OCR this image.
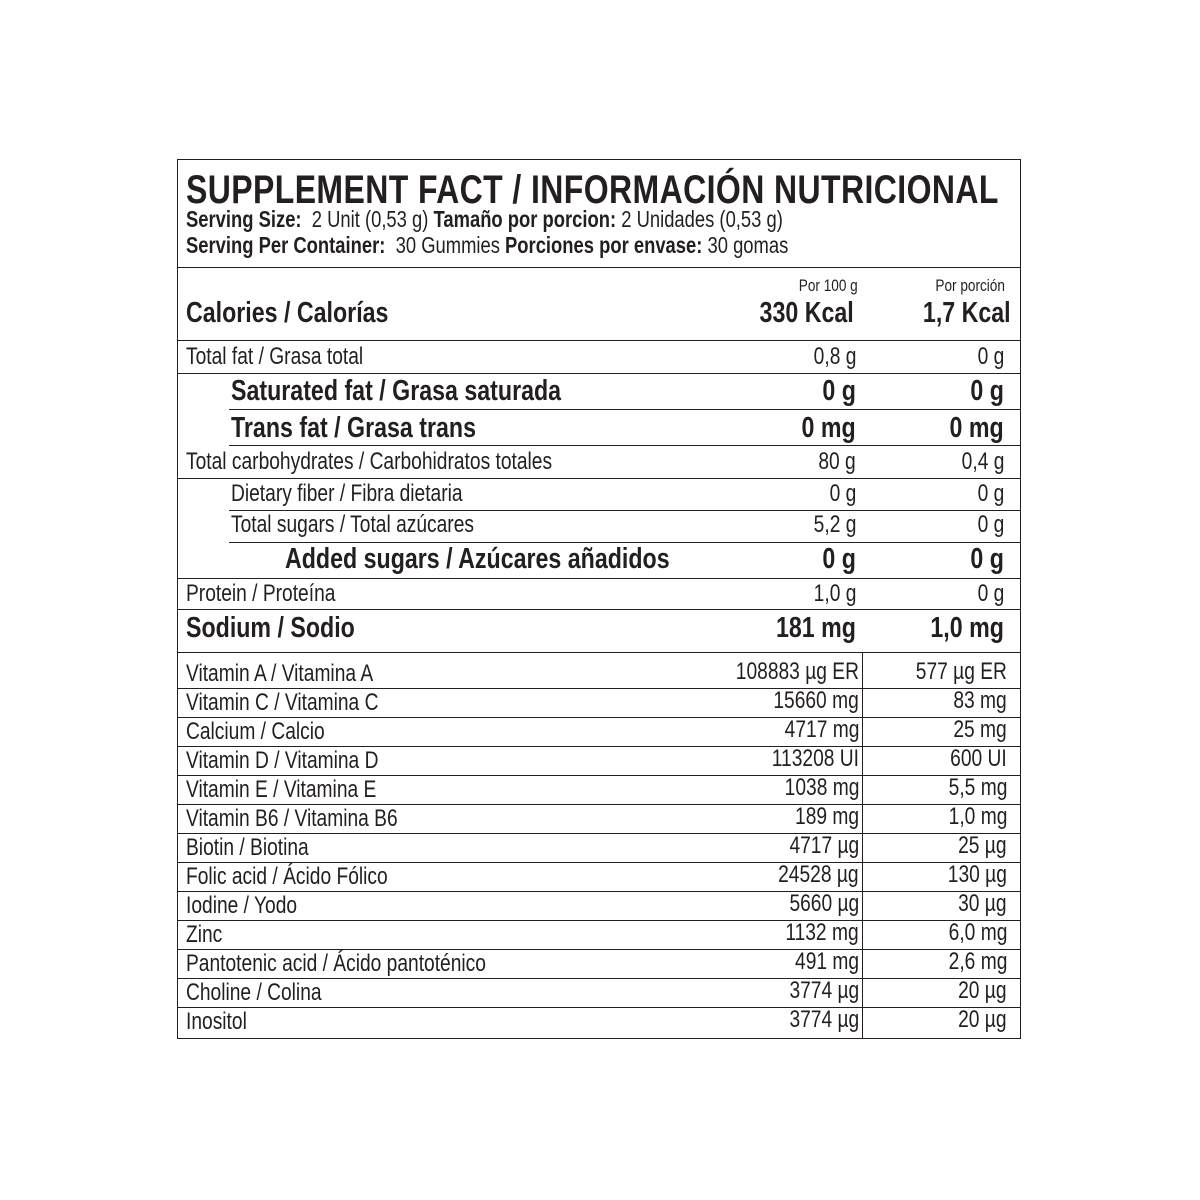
SUPPLEMENT FACT / INFORMACIÓN NUTRICIONAL
Serving Size: 2 Unit (0,53 g) Tamaño por porcion: 2 Unidades (0,53 g)
Serving Per Container: 30 Gummies Porciones por envase: 30 gomas
Por 100 g	Por porción
Calories / Calorías	330 Kcal 1,7 Kcal
Total fat / Grasa total	0,8 g	0 g
Saturated fat / Grasa saturada	0 g	0 g
Trans fat / Grasa trans	0 mg	0 mg
Total carbohydrates / Carbohidratos totales	80 g	0,4 g
Dietary fiber / Fibra dietaria	0 g	0 g
Total sugars / Total azúcares	5,2 g	0 g
Added sugars / Azúcares añadidos	0 g	0 g
Protein / Proteína	1,0 g	0 g
Sodium / Sodio	181 mg	1,0 mg
Vitamin A / Vitamina A	108883 µg ER 577 µg ER
Vitamin C / Vitamina C	15660 mg	83 mg
Calcium / Calcio	4717 mg	25 mg
Vitamin D / Vitamina D	113208 UI	600 UI
Vitamin E / Vitamina E	1038 mg	5,5 mg
Vitamin B6 / Vitamina B6	189 mg	1,0 mg
Biotin / Biotina	4717 µg	25 µg
Folic acid / Ácido Fólico	24528 µg	130 µg
Iodine / Yodo	5660 µg	30 µg
Zinc	1132 mg	6,0 mg
Pantotenic acid / Ácido pantoténico	491 mg	2,6 mg
Choline / Colina	3774 µg	20 µg
Inositol	3774 µg	20 µg
